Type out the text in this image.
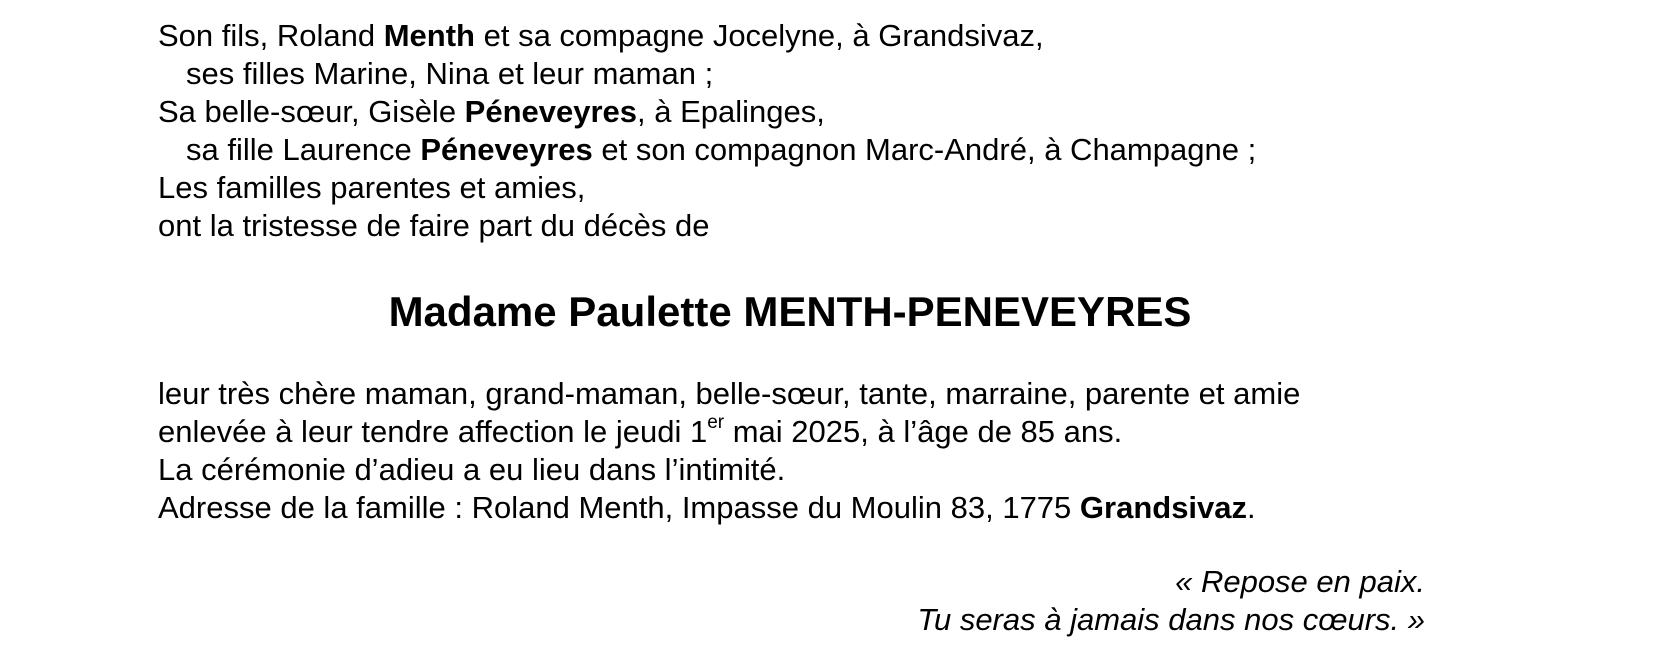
Son fils, Roland Menth et sa compagne Jocelyne, à Grandsivaz,
ses filles Marine, Nina et leur maman ;
Sa belle-sœur, Gisèle Péneveyres, à Epalinges,
sa fille Laurence Péneveyres et son compagnon Marc-André, à Champagne ;
Les familles parentes et amies,
ont la tristesse de faire part du décès de
Madame Paulette MENTH-PENEVEYRES
leur très chère maman, grand-maman, belle-sœur, tante, marraine, parente et amie
enlevée à leur tendre affection le jeudi 1er mai 2025, à l’âge de 85 ans.
La cérémonie d’adieu a eu lieu dans l’intimité.
Adresse de la famille : Roland Menth, Impasse du Moulin 83, 1775 Grandsivaz.
« Repose en paix.
Tu seras à jamais dans nos cœurs. »
